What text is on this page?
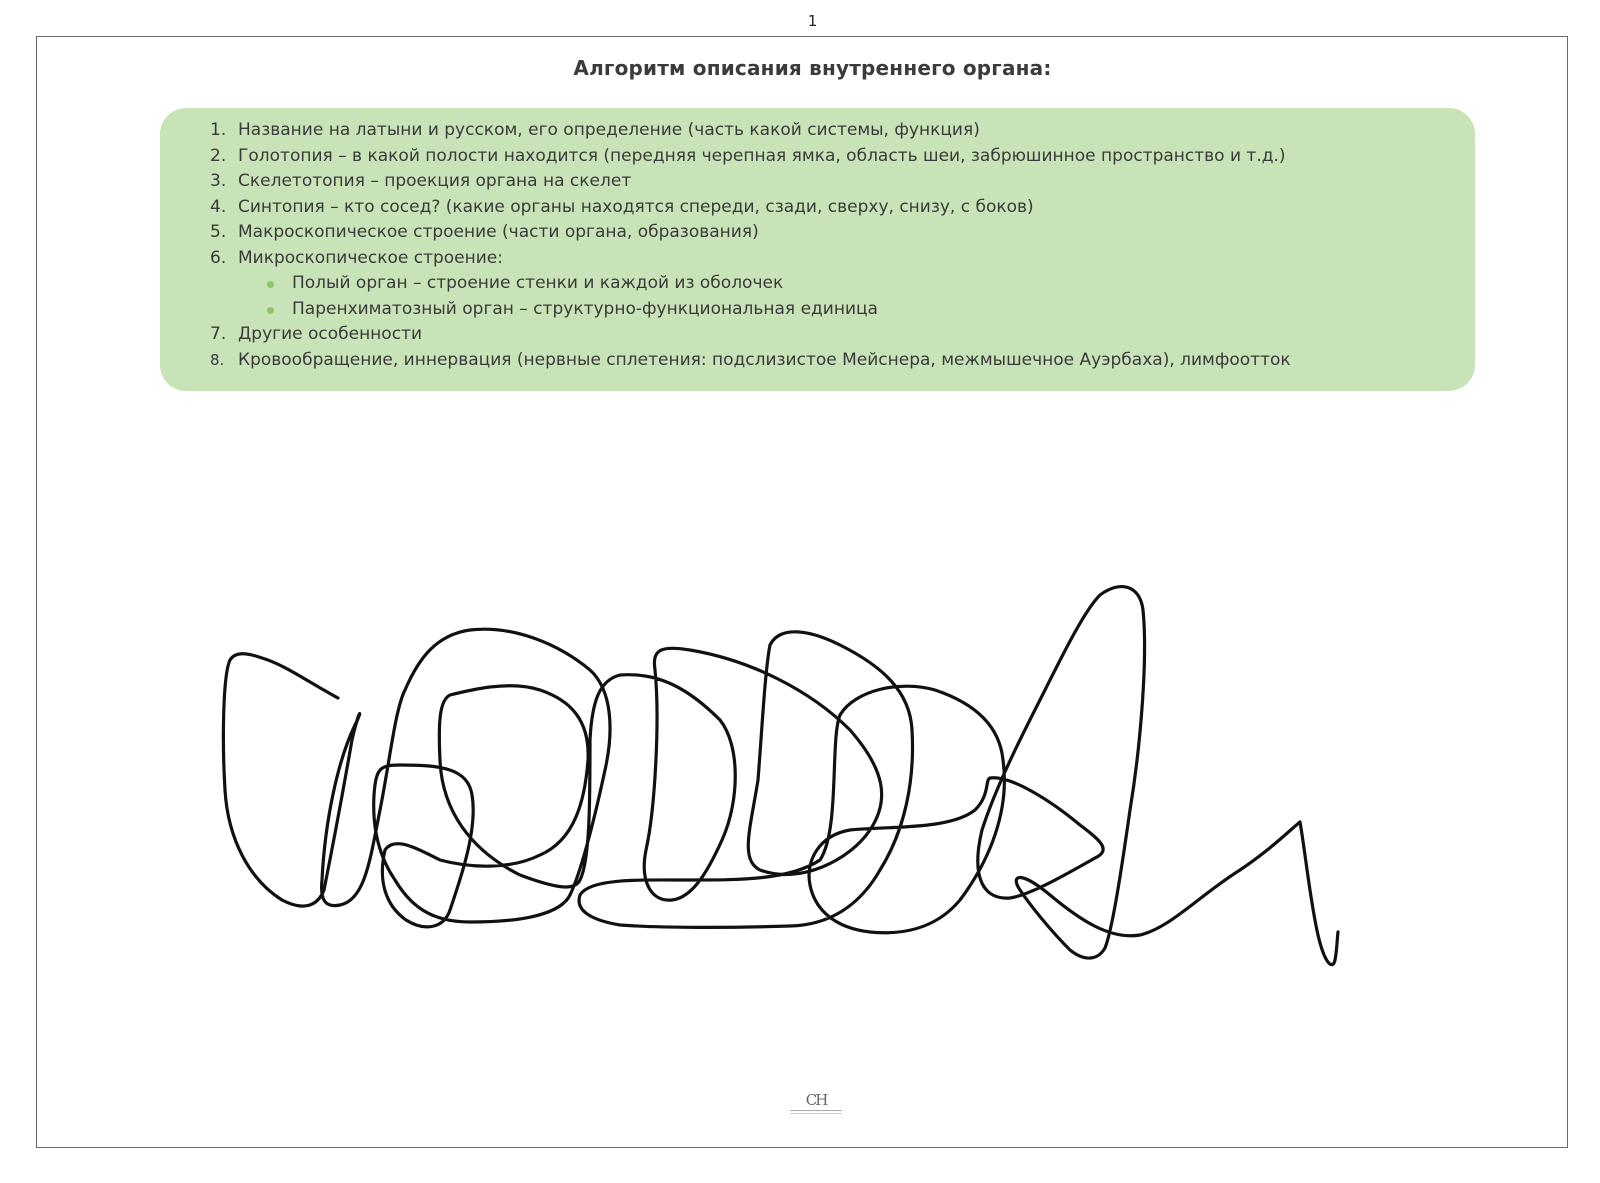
1
Алгоритм описания внутреннего органа:
1. Название на латыни и русском, его определение (часть какой системы, функция)
2. Голотопия – в какой полости находится (передняя черепная ямка, область шеи, забрюшинное пространство и т.д.)
3. Скелетотопия – проекция органа на скелет
4. Синтопия – кто сосед? (какие органы находятся спереди, сзади, сверху, снизу, с боков)
5. Макроскопическое строение (части органа, образования)
6. Микроскопическое строение:
Полый орган – строение стенки и каждой из оболочек
Паренхиматозный орган – структурно-функциональная единица
7. Другие особенности
8. Кровообращение, иннервация (нервные сплетения: подслизистое Мейснера, межмышечное Ауэрбаха), лимфоотток
CH
